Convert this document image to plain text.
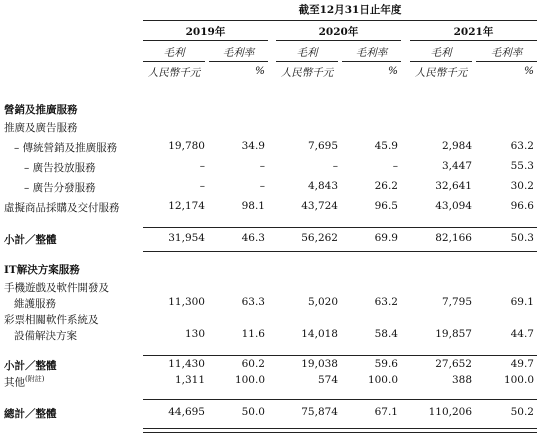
截至12月31日止年度
2019年	2020年	2021年
毛利	毛利率	毛利	毛利率	毛利	毛利率
人民幣千元	%	人民幣千元	%	人民幣千元	%
營銷及推廣服務
推廣及廣告服務
– 傳統營銷及推廣服務	19,780	34.9	7,695	45.9	2,984	63.2
– 廣告投放服務	–	–	–	–	3,447	55.3
– 廣告分發服務	–	–	4,843	26.2	32,641	30.2
虛擬商品採購及交付服務	12,174	98.1	43,724	96.5	43,094	96.6
小計／整體	31,954	46.3	56,262	69.9	82,166	50.3
IT解決方案服務
手機遊戲及軟件開發及
維護服務	11,300	63.3	5,020	63.2	7,795	69.1
彩票相關軟件系統及
設備解決方案	130	11.6	14,018	58.4	19,857	44.7
小計／整體	11,430	60.2	19,038	59.6	27,652	49.7
其他$^{(附註)}$	1,311	100.0	574	100.0	388	100.0
總計／整體	44,695	50.0	75,874	67.1	110,206	50.2
